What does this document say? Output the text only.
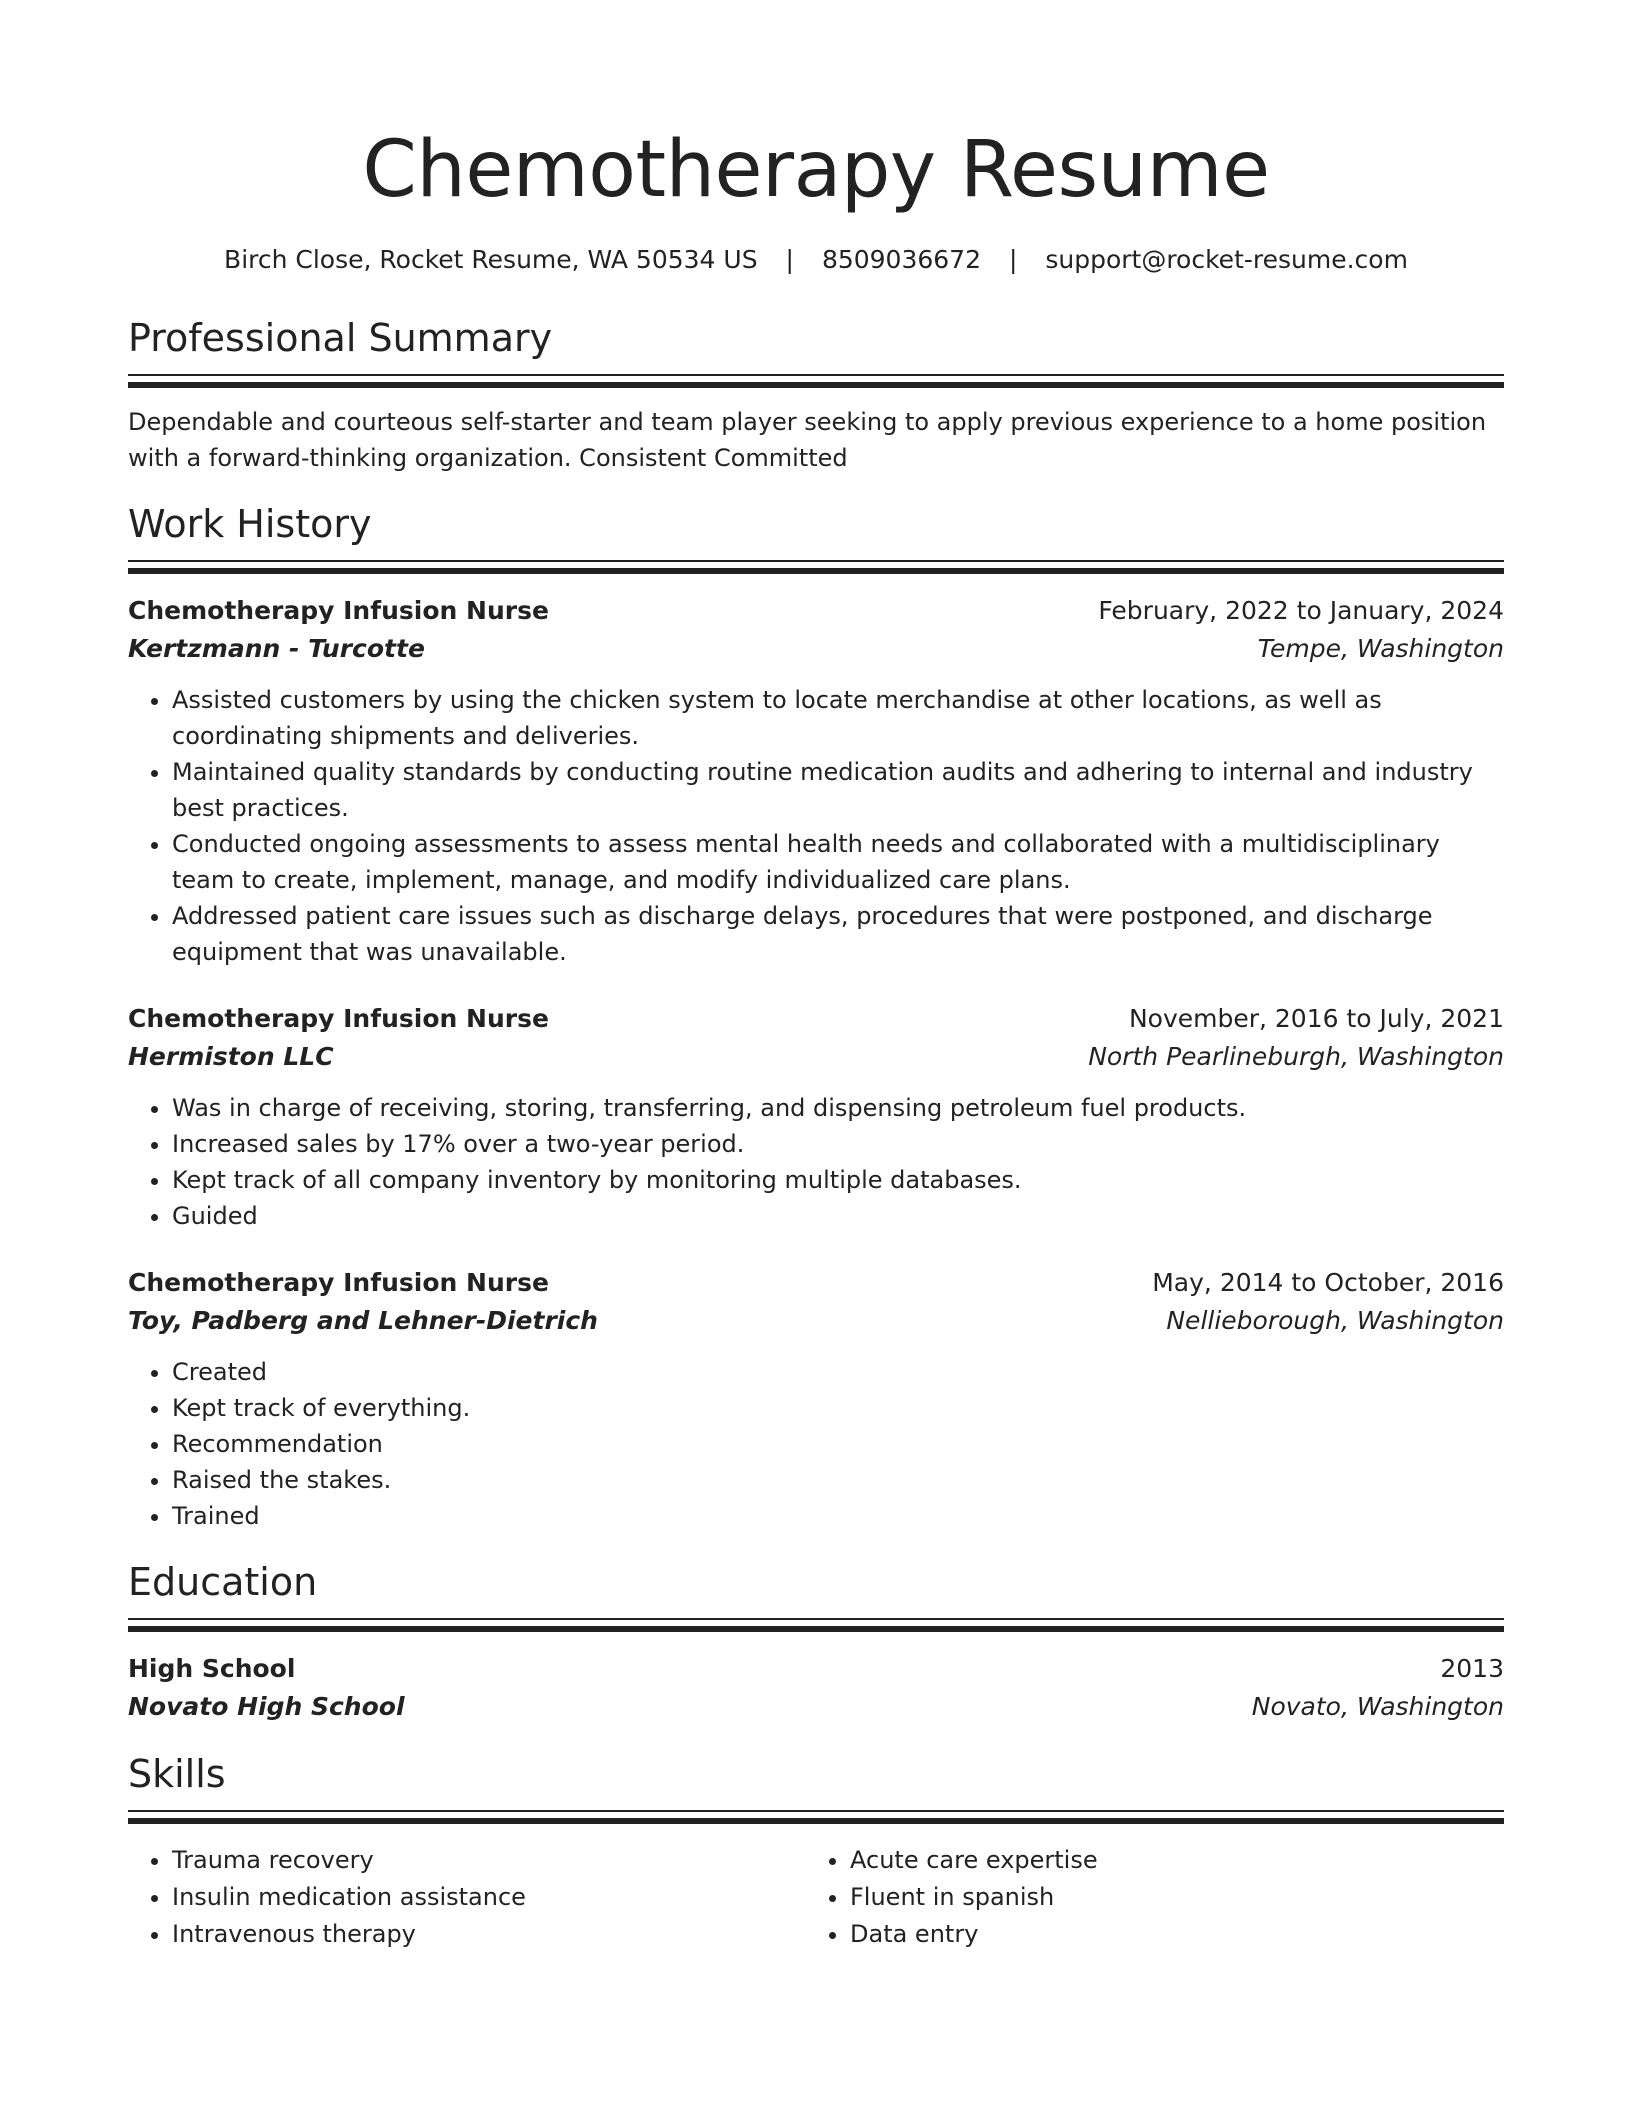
Chemotherapy Resume
Birch Close, Rocket Resume, WA 50534 US | 8509036672 | support@rocket-resume.com
Professional Summary

Dependable and courteous self-starter and team player seeking to apply previous experience to a home position with a forward-thinking organization. Consistent Committed

Work History
Chemotherapy Infusion Nurse	February, 2022 to January, 2024
Kertzmann - Turcotte	Tempe, Washington
• Assisted customers by using the chicken system to locate merchandise at other locations, as well as coordinating shipments and deliveries.
• Maintained quality standards by conducting routine medication audits and adhering to internal and industry best practices.
• Conducted ongoing assessments to assess mental health needs and collaborated with a multidisciplinary team to create, implement, manage, and modify individualized care plans.
• Addressed patient care issues such as discharge delays, procedures that were postponed, and discharge equipment that was unavailable.
Chemotherapy Infusion Nurse	November, 2016 to July, 2021
Hermiston LLC	North Pearlineburgh, Washington
• Was in charge of receiving, storing, transferring, and dispensing petroleum fuel products.
• Increased sales by 17% over a two-year period.
• Kept track of all company inventory by monitoring multiple databases.
• Guided
Chemotherapy Infusion Nurse	May, 2014 to October, 2016
Toy, Padberg and Lehner-Dietrich	Nellieborough, Washington
• Created
• Kept track of everything.
• Recommendation
• Raised the stakes.
• Trained
Education
High School	2013
Novato High School	Novato, Washington
Skills
• Trauma recovery
• Insulin medication assistance
• Intravenous therapy
• Acute care expertise
• Fluent in spanish
• Data entry
